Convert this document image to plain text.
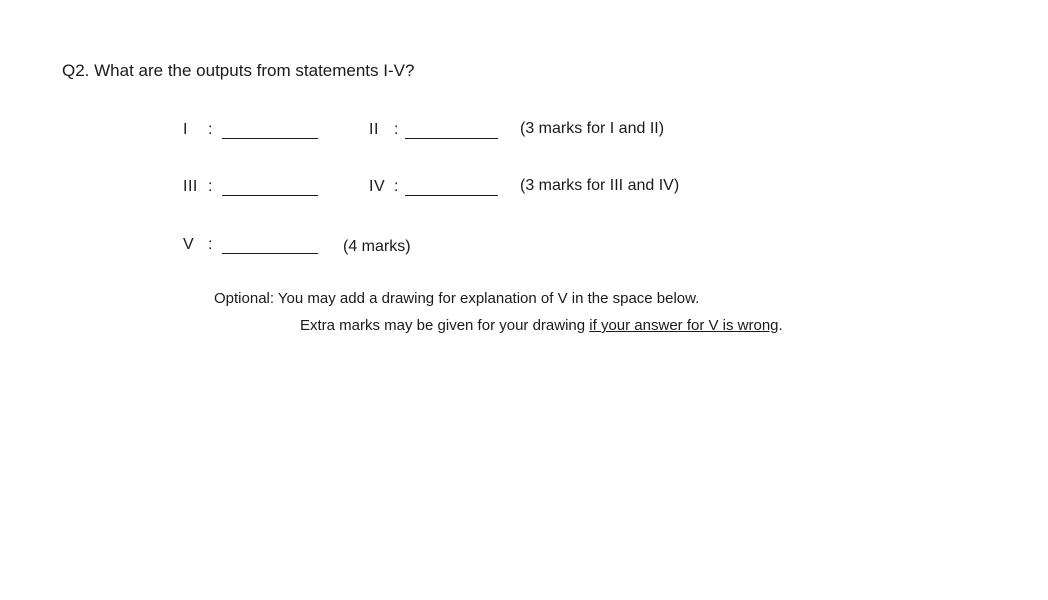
Q2. What are the outputs from statements I-V?
I :	II :	(3 marks for I and II)
III :	IV :	(3 marks for III and IV)
V :	(4 marks)
Optional: You may add a drawing for explanation of V in the space below.
Extra marks may be given for your drawing if your answer for V is wrong.
